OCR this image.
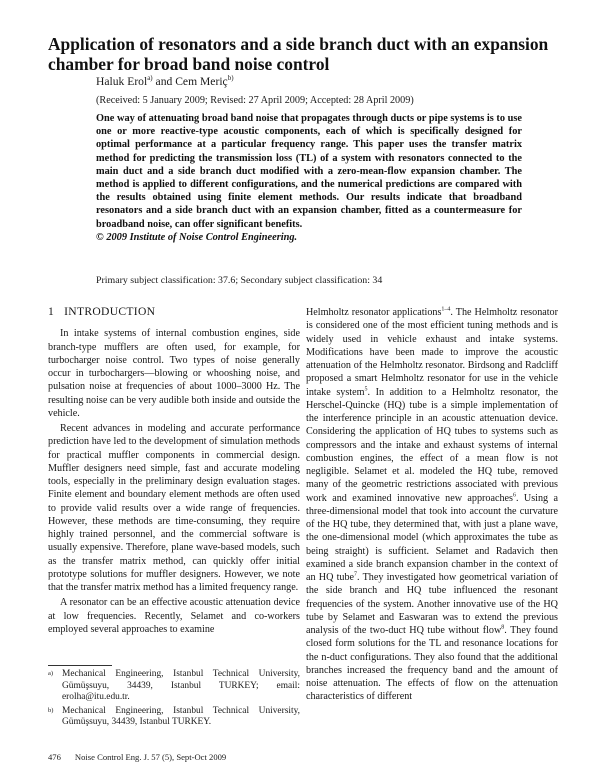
Application of resonators and a side branch duct with an expansion chamber for broad band noise control
Haluk Erol$^{a)}$ and Cem Meriç$^{b)}$
(Received: 5 January 2009; Revised: 27 April 2009; Accepted: 28 April 2009)
One way of attenuating broad band noise that propagates through ducts or pipe systems is to use one or more reactive-type acoustic components, each of which is specifically designed for optimal performance at a particular frequency range. This paper uses the transfer matrix method for predicting the transmission loss (TL) of a system with resonators connected to the main duct and a side branch duct modified with a zero-mean-flow expansion chamber. The method is applied to different configurations, and the numerical predictions are compared with the results obtained using finite element methods. Our results indicate that broadband resonators and a side branch duct with an expansion chamber, fitted as a countermeasure for broadband noise, can offer significant benefits.
© 2009 Institute of Noise Control Engineering.
Primary subject classification: 37.6; Secondary subject classification: 34
1 INTRODUCTION

In intake systems of internal combustion engines, side branch-type mufflers are often used, for example, for turbocharger noise control. Two types of noise generally occur in turbochargers—blowing or whooshing noise, and pulsation noise at frequencies of about 1000–3000 Hz. The resulting noise can be very audible both inside and outside the vehicle.

Recent advances in modeling and accurate performance prediction have led to the development of simulation methods for practical muffler components in commercial design. Muffler designers need simple, fast and accurate modeling tools, especially in the preliminary design evaluation stages. Finite element and boundary element methods are often used to provide valid results over a wide range of frequencies. However, these methods are time-consuming, they require highly trained personnel, and the commercial software is usually expensive. Therefore, plane wave-based models, such as the transfer matrix method, can quickly offer initial prototype solutions for muffler designers. However, we note that the transfer matrix method has a limited frequency range.

A resonator can be an effective acoustic attenuation device at low frequencies. Recently, Selamet and co-workers employed several approaches to examine

Helmholtz resonator applications$^{1-4}$. The Helmholtz resonator is considered one of the most efficient tuning methods and is widely used in vehicle exhaust and intake systems. Modifications have been made to improve the acoustic attenuation of the Helmholtz resonator. Birdsong and Radcliff proposed a smart Helmholtz resonator for use in the vehicle intake system$^5$. In addition to a Helmholtz resonator, the Herschel-Quincke (HQ) tube is a simple implementation of the interference principle in an acoustic attenuation device. Considering the application of HQ tubes to systems such as compressors and the intake and exhaust systems of internal combustion engines, the effect of a mean flow is not negligible. Selamet et al. modeled the HQ tube, removed many of the geometric restrictions associated with previous work and examined innovative new approaches$^6$. Using a three-dimensional model that took into account the curvature of the HQ tube, they determined that, with just a plane wave, the one-dimensional model (which approximates the tube as being straight) is sufficient. Selamet and Radavich then examined a side branch expansion chamber in the context of an HQ tube$^7$. They investigated how geometrical variation of the side branch and HQ tube influenced the resonant frequencies of the system. Another innovative use of the HQ tube by Selamet and Easwaran was to extend the previous analysis of the two-duct HQ tube without flow$^8$. They found closed form solutions for the TL and resonance locations for the n-duct configurations. They also found that the additional branches increased the frequency band and the amount of noise attenuation. The effects of flow on the attenuation characteristics of different

a) Mechanical Engineering, Istanbul Technical University, Gümüşsuyu, 34439, Istanbul TURKEY; email: erolha@itu.edu.tr.
b) Mechanical Engineering, Istanbul Technical University, Gümüşsuyu, 34439, Istanbul TURKEY.
476 Noise Control Eng. J. 57 (5), Sept-Oct 2009
